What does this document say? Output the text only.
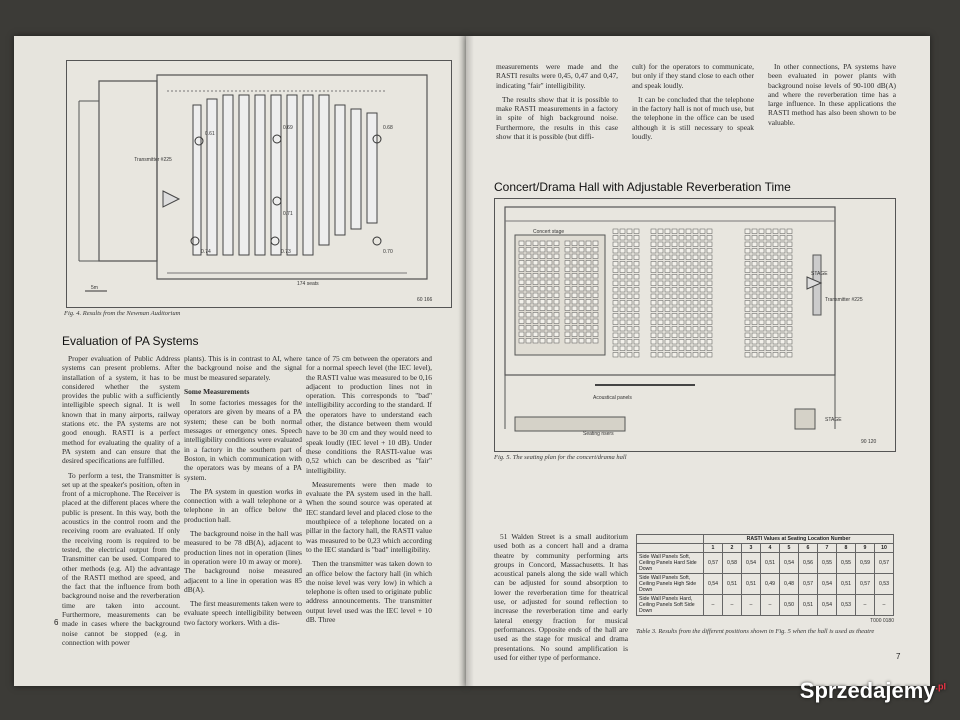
Transmitter #225
0.61
0.69	0.68
0.74
0.71
0.73	0.70
174 seats
5m
60 166
Fig. 4. Results from the Newman Auditorium
Evaluation of PA Systems

Proper evaluation of Public Address systems can present problems. After installation of a system, it has to be considered whether the system provides the public with a sufficiently intelligible speech signal. It is well known that in many airports, railway stations etc. the PA systems are not good enough. RASTI is a perfect method for evaluating the quality of a PA system and can ensure that the desired specifications are fulfilled.

To perform a test, the Transmitter is set up at the speaker's position, often in front of a microphone. The Receiver is placed at the different places where the public is present. In this way, both the acoustics in the control room and the receiving room are evaluated. If only the receiving room is required to be tested, the electrical output from the Transmitter can be used. Compared to other methods (e.g. AI) the advantage of the RASTI method are speed, and the fact that the influence from both background noise and the reverberation time are taken into account. Furthermore, measurements can be made in cases where the background noise cannot be stopped (e.g. in connection with power

plants). This is in contrast to AI, where the background noise and the signal must be measured separately.

Some Measurements

In some factories messages for the operators are given by means of a PA system; these can be both normal messages or emergency ones. Speech intelligibility conditions were evaluated in a factory in the southern part of Boston, in which communication with the operators was by means of a PA system.

The PA system in question works in connection with a wall telephone or a telephone in an office below the production hall.

The background noise in the hall was measured to be 78 dB(A), adjacent to production lines not in operation (lines in operation were 10 m away or more). The background noise measured adjacent to a line in operation was 85 dB(A).

The first measurements taken were to evaluate speech intelligibility between two factory workers. With a dis-

tance of 75 cm between the operators and for a normal speech level (the IEC level), the RASTI value was measured to be 0,16 adjacent to production lines not in operation. This corresponds to "bad" intelligibility according to the standard. If the operators have to understand each other, the distance between them would have to be 30 cm and they would need to speak loudly (IEC level + 10 dB). Under these conditions the RASTI-value was 0,52 which can be described as "fair" intelligibility.

Measurements were then made to evaluate the PA system used in the hall. When the sound source was operated at IEC standard level and placed close to the mouthpiece of a telephone located on a pillar in the factory hall, the RASTI value was measured to be 0,23 which according to the IEC standard is "bad" intelligibility.

Then the transmitter was taken down to an office below the factory hall (in which the noise level was very low) in which a telephone is often used to originate public address announcements. The transmitter output level used was the IEC level + 10 dB. Three

6

measurements were made and the RASTI results were 0,45, 0,47 and 0,47, indicating "fair" intelligibility.

The results show that it is possible to make RASTI measurements in a factory in spite of high background noise. Furthermore, the results in this case show that it is possible (but diffi-

cult) for the operators to communicate, but only if they stand close to each other and speak loudly.

It can be concluded that the telephone in the factory hall is not of much use, but the telephone in the office can be used although it is still necessary to speak loudly.

In other connections, PA systems have been evaluated in power plants with background noise levels of 90-100 dB(A) and where the reverberation time has a large influence. In these applications the RASTI method has also been shown to be valuable.

Concert/Drama Hall with Adjustable Reverberation Time
Concert stage
STAGE
Transmitter #225
Acoustical panels
Seating risers
STAGE
90 120
Fig. 5. The seating plan for the concert/drama hall

51 Walden Street is a small auditorium used both as a concert hall and a drama theatre by community performing arts groups in Concord, Massachusetts. It has acoustical panels along the side wall which can be adjusted for sound absorption to lower the reverberation time for theatrical use, or adjusted for sound reflection to increase the reverberation time and early lateral energy fraction for musical performances. Opposite ends of the hall are used as the stage for musical and drama presentations. No sound amplification is used for either type of performance.

	RASTI Values at Seating Location Number									
	1	2	3	4	5	6	7	8	9	10
Side Wall Panels Soft, Ceiling Panels Hard Side Down	0,57	0,58	0,54	0,51	0,54	0,56	0,55	0,55	0,59	0,57
Side Wall Panels Soft, Ceiling Panels High Side Down	0,54	0,51	0,51	0,49	0,48	0,57	0,54	0,51	0,57	0,53
Side Wall Panels Hard, Ceiling Panels Soft Side Down	–	–	–	–	0,50	0,51	0,54	0,53	–	–
T000 0180
Table 3. Results from the different positions shown in Fig. 5 when the hall is used as theatre
7
Sprzedajemy$^{.pl}$
